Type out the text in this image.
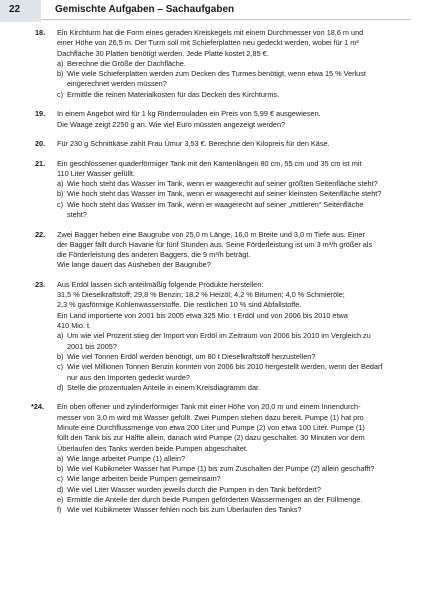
22	Gemischte Aufgaben – Sachaufgaben
18. Ein Kirchturm hat die Form eines geraden Kreiskegels mit einem Durchmesser von 18,6 m und
einer Höhe von 26,5 m. Der Turm soll mit Schieferplatten neu gedeckt werden, wobei für 1 m² Dachfläche 30 Platten benötigt werden. Jede Platte kostet 2,85 €.
a) Berechne die Größe der Dachfläche.
b) Wie viele Schieferplatten werden zum Decken des Turmes benötigt, wenn etwa 15 % Verlust eingerechnet werden müssen?
c) Ermittle die reinen Materialkosten für das Decken des Kirchturms.
19. In einem Angebot wird für 1 kg Rinderrouladen ein Preis von 5,99 € ausgewiesen.
Die Waage zeigt 2250 g an. Wie viel Euro müssten angezeigt werden?
20. Für 230 g Schnittkäse zahlt Frau Ümur 3,53 €. Berechne den Kilopreis für den Käse.
21. Ein geschlossener quaderförmiger Tank mit den Kantenlängen 80 cm, 55 cm und 35 cm ist mit
110 Liter Wasser gefüllt.
a) Wie hoch steht das Wasser im Tank, wenn er waagerecht auf seiner größten Seitenfläche steht?
b) Wie hoch steht das Wasser im Tank, wenn er waagerecht auf seiner kleinsten Seitenfläche steht?
c) Wie hoch steht das Wasser im Tank, wenn er waagerecht auf seiner „mittleren“ Seitenfläche steht?
22. Zwei Bagger heben eine Baugrube von 25,0 m Länge, 16,0 m Breite und 3,0 m Tiefe aus. Einer
der Bagger fällt durch Havarie für fünf Stunden aus. Seine Förderleistung ist um 3 m³/h größer als
die Förderleistung des anderen Baggers, die 9 m³/h beträgt.
Wie lange dauert das Ausheben der Baugrube?
23. Aus Erdöl lassen sich anteilmäßig folgende Produkte herstellen:
31,5 % Dieselkraftstoff; 29,8 % Benzin; 18,2 % Heizöl; 4,2 % Bitumen; 4,0 % Schmieröle;
2,3 % gasförmige Kohlenwasserstoffe. Die restlichen 10 % sind Abfallstoffe.
Ein Land importierte von 2001 bis 2005 etwa 325 Mio. t Erdöl und von 2006 bis 2010 etwa
410 Mio. t.
a) Um wie viel Prozent stieg der Import von Erdöl im Zeitraum von 2006 bis 2010 im Vergleich zu 2001 bis 2005?
b) Wie viel Tonnen Erdöl werden benötigt, um 80 t Dieselkraftstoff herzustellen?
c) Wie viel Millionen Tonnen Benzin konnten von 2006 bis 2010 hergestellt werden, wenn der Bedarf nur aus den Importen gedeckt wurde?
d) Stelle die prozentualen Anteile in einem Kreisdiagramm dar.
*24. Ein oben offener und zylinderförmiger Tank mit einer Höhe von 20,0 m und einem Innendurch-
messer von 3,0 m wird mit Wasser gefüllt. Zwei Pumpen stehen dazu bereit. Pumpe (1) hat pro
Minute eine Durchflussmenge von etwa 200 Liter und Pumpe (2) von etwa 100 Liter. Pumpe (1)
füllt den Tank bis zur Hälfte allein, danach wird Pumpe (2) dazu geschaltet. 30 Minuten vor dem
Überlaufen des Tanks werden beide Pumpen abgeschaltet.
a) Wie lange arbeitet Pumpe (1) allein?
b) Wie viel Kubikmeter Wasser hat Pumpe (1) bis zum Zuschalten der Pumpe (2) allein geschafft?
c) Wie lange arbeiten beide Pumpen gemeinsam?
d) Wie viel Liter Wasser wurden jeweils durch die Pumpen in den Tank befördert?
e) Ermittle die Anteile der durch beide Pumpen geförderten Wassermengen an der Füllmenge.
f) Wie viel Kubikmeter Wasser fehlen noch bis zum Überlaufen des Tanks?
